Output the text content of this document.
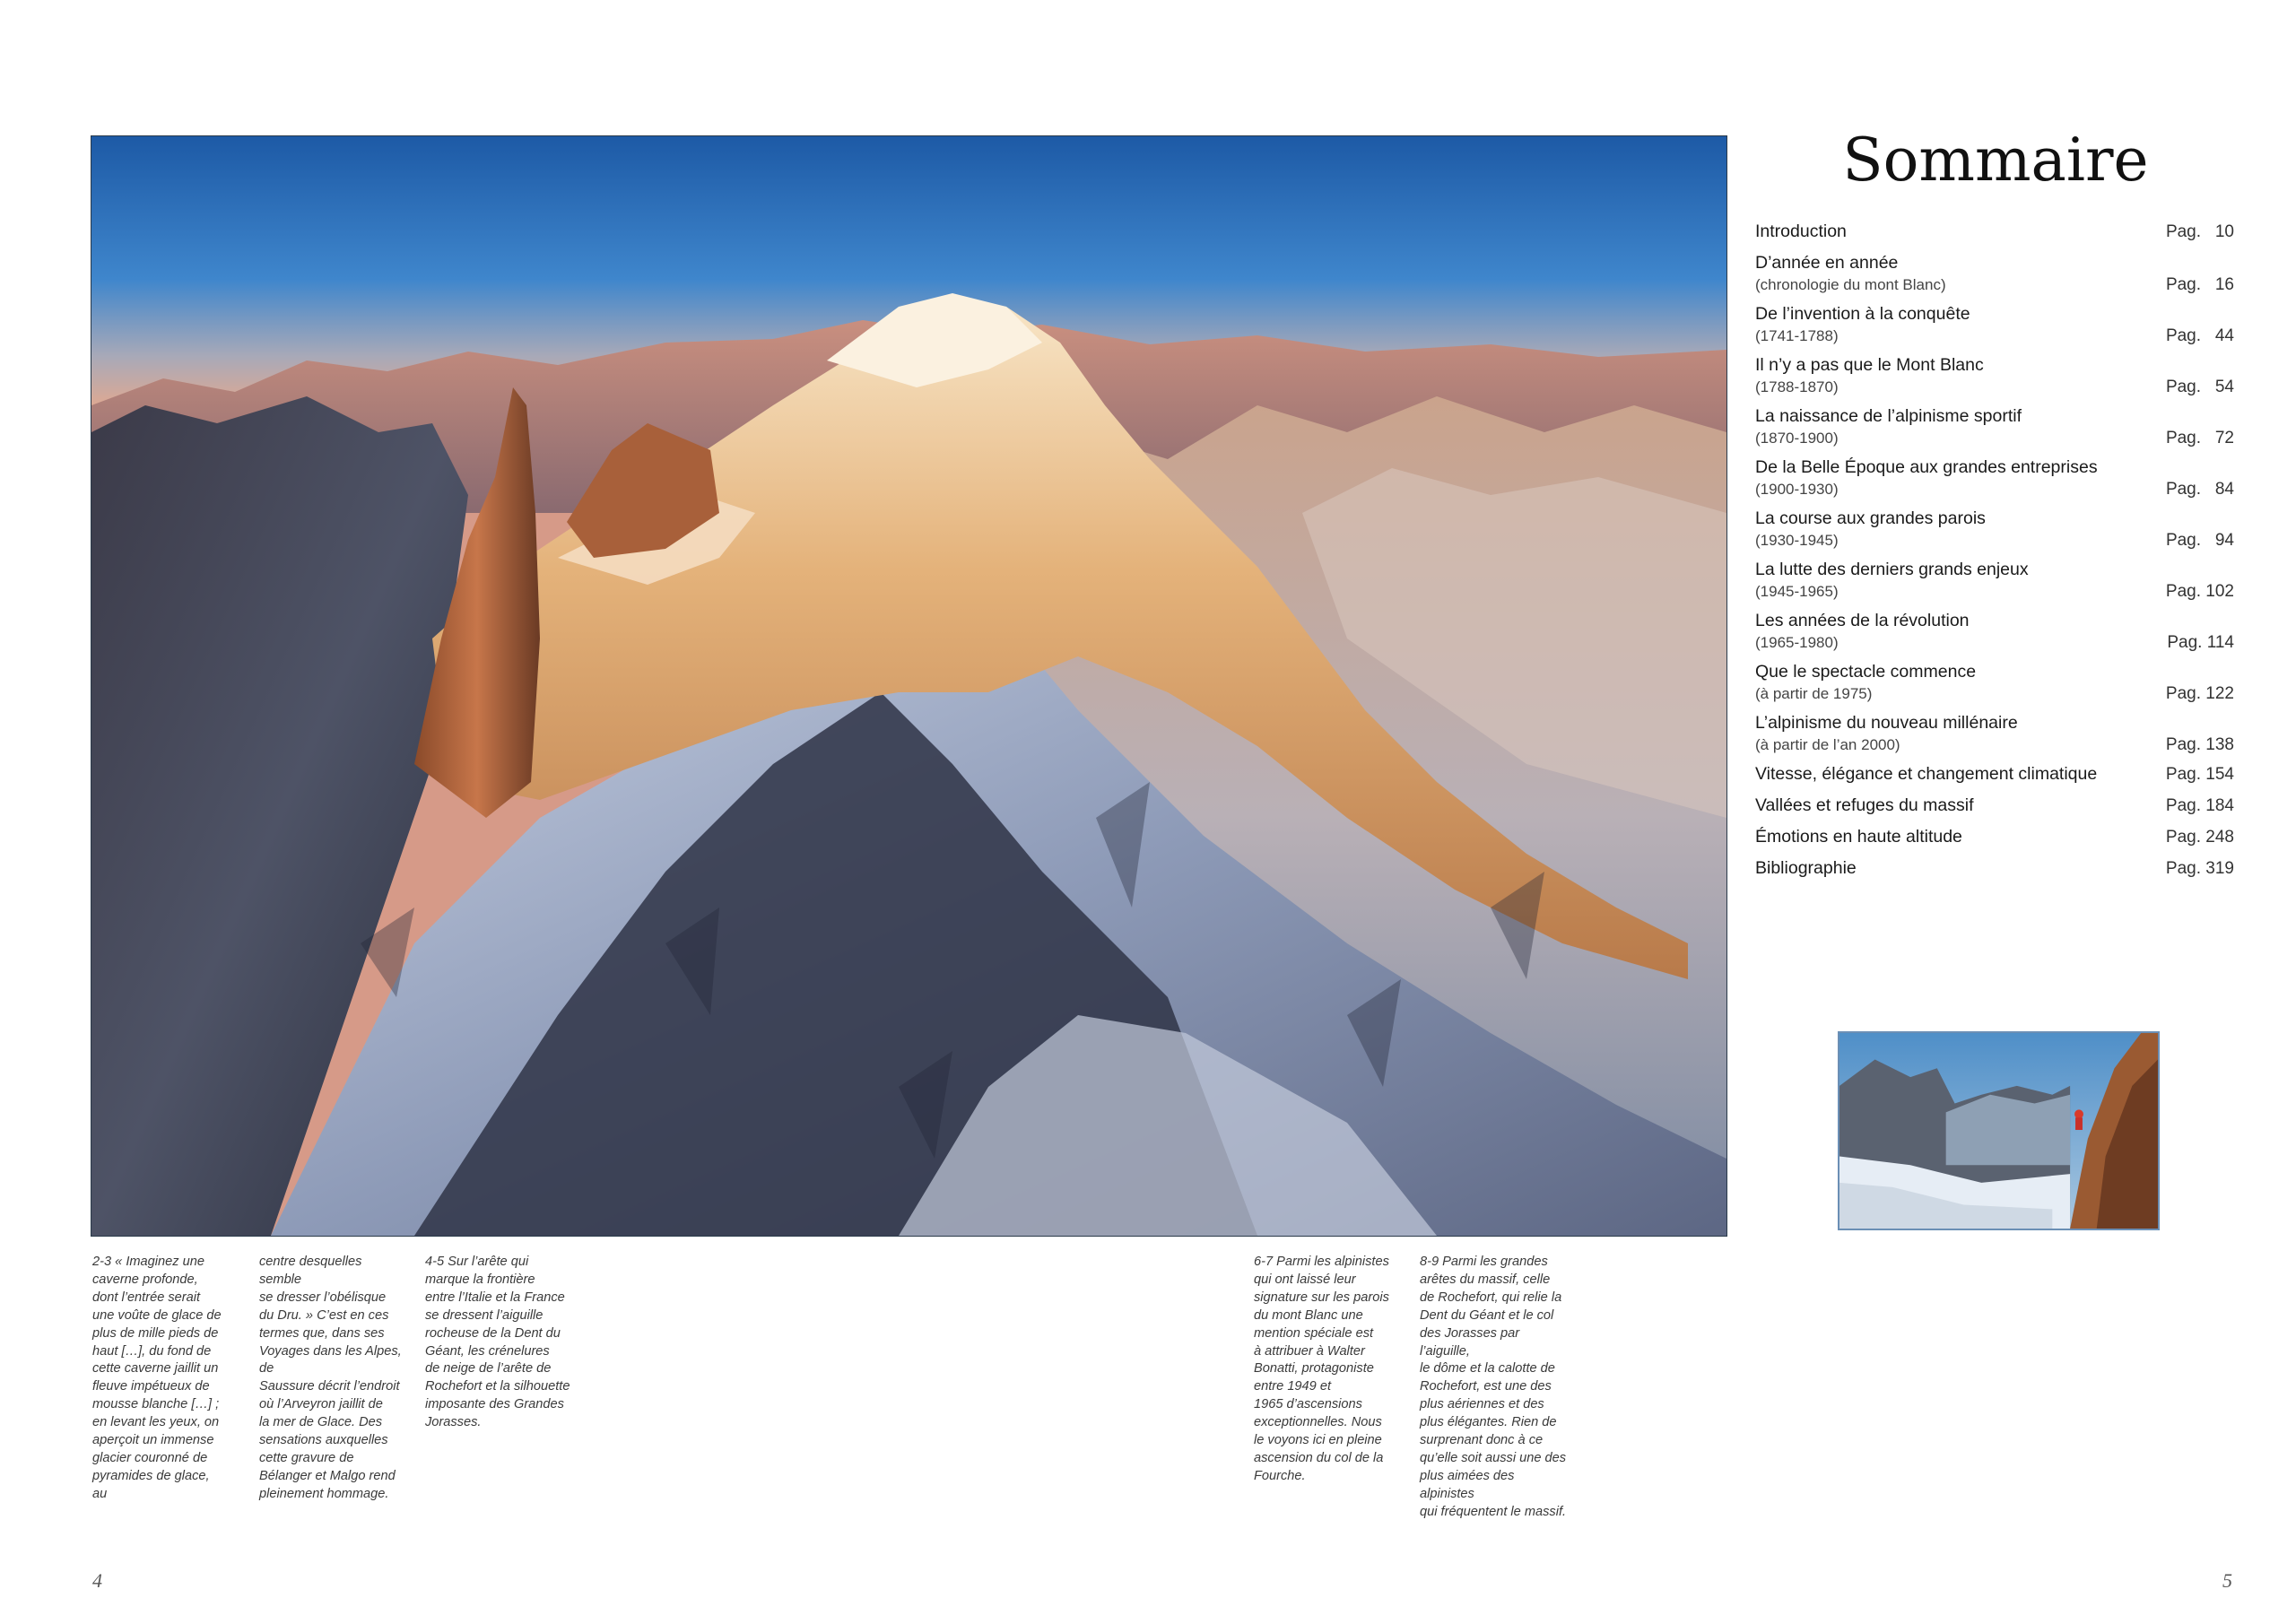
Sommaire
Introduction	Pag.   10
D’année en année
(chronologie du mont Blanc)	Pag.   16
De l’invention à la conquête
(1741-1788)	Pag.   44
Il n’y a pas que le Mont Blanc
(1788-1870)	Pag.   54
La naissance de l’alpinisme sportif
(1870-1900)	Pag.   72
De la Belle Époque aux grandes entreprises
(1900-1930)	Pag.   84
La course aux grandes parois
(1930-1945)	Pag.   94
La lutte des derniers grands enjeux
(1945-1965)	Pag. 102
Les années de la révolution
(1965-1980)	Pag. 114
Que le spectacle commence
(à partir de 1975)	Pag. 122
L’alpinisme du nouveau millénaire
(à partir de l’an 2000)	Pag. 138
Vitesse, élégance et changement climatique	Pag. 154
Vallées et refuges du massif	Pag. 184
Émotions en haute altitude	Pag. 248
Bibliographie	Pag. 319
2-3 « Imaginez une
caverne profonde,
dont l’entrée serait
une voûte de glace de
plus de mille pieds de
haut […], du fond de
cette caverne jaillit un
fleuve impétueux de
mousse blanche […] ;
en levant les yeux, on
aperçoit un immense
glacier couronné de
pyramides de glace, au
centre desquelles semble
se dresser l’obélisque
du Dru. » C’est en ces
termes que, dans ses
Voyages dans les Alpes, de
Saussure décrit l’endroit
où l’Arveyron jaillit de
la mer de Glace. Des
sensations auxquelles
cette gravure de
Bélanger et Malgo rend
pleinement hommage.
4-5 Sur l’arête qui
marque la frontière
entre l’Italie et la France
se dressent l’aiguille
rocheuse de la Dent du
Géant, les crénelures
de neige de l’arête de
Rochefort et la silhouette
imposante des Grandes
Jorasses.
6-7 Parmi les alpinistes
qui ont laissé leur
signature sur les parois
du mont Blanc une
mention spéciale est
à attribuer à Walter
Bonatti, protagoniste
entre 1949 et
1965 d’ascensions
exceptionnelles. Nous
le voyons ici en pleine
ascension du col de la
Fourche.
8-9 Parmi les grandes
arêtes du massif, celle
de Rochefort, qui relie la
Dent du Géant et le col
des Jorasses par l’aiguille,
le dôme et la calotte de
Rochefort, est une des
plus aériennes et des
plus élégantes. Rien de
surprenant donc à ce
qu’elle soit aussi une des
plus aimées des alpinistes
qui fréquentent le massif.
4	5
